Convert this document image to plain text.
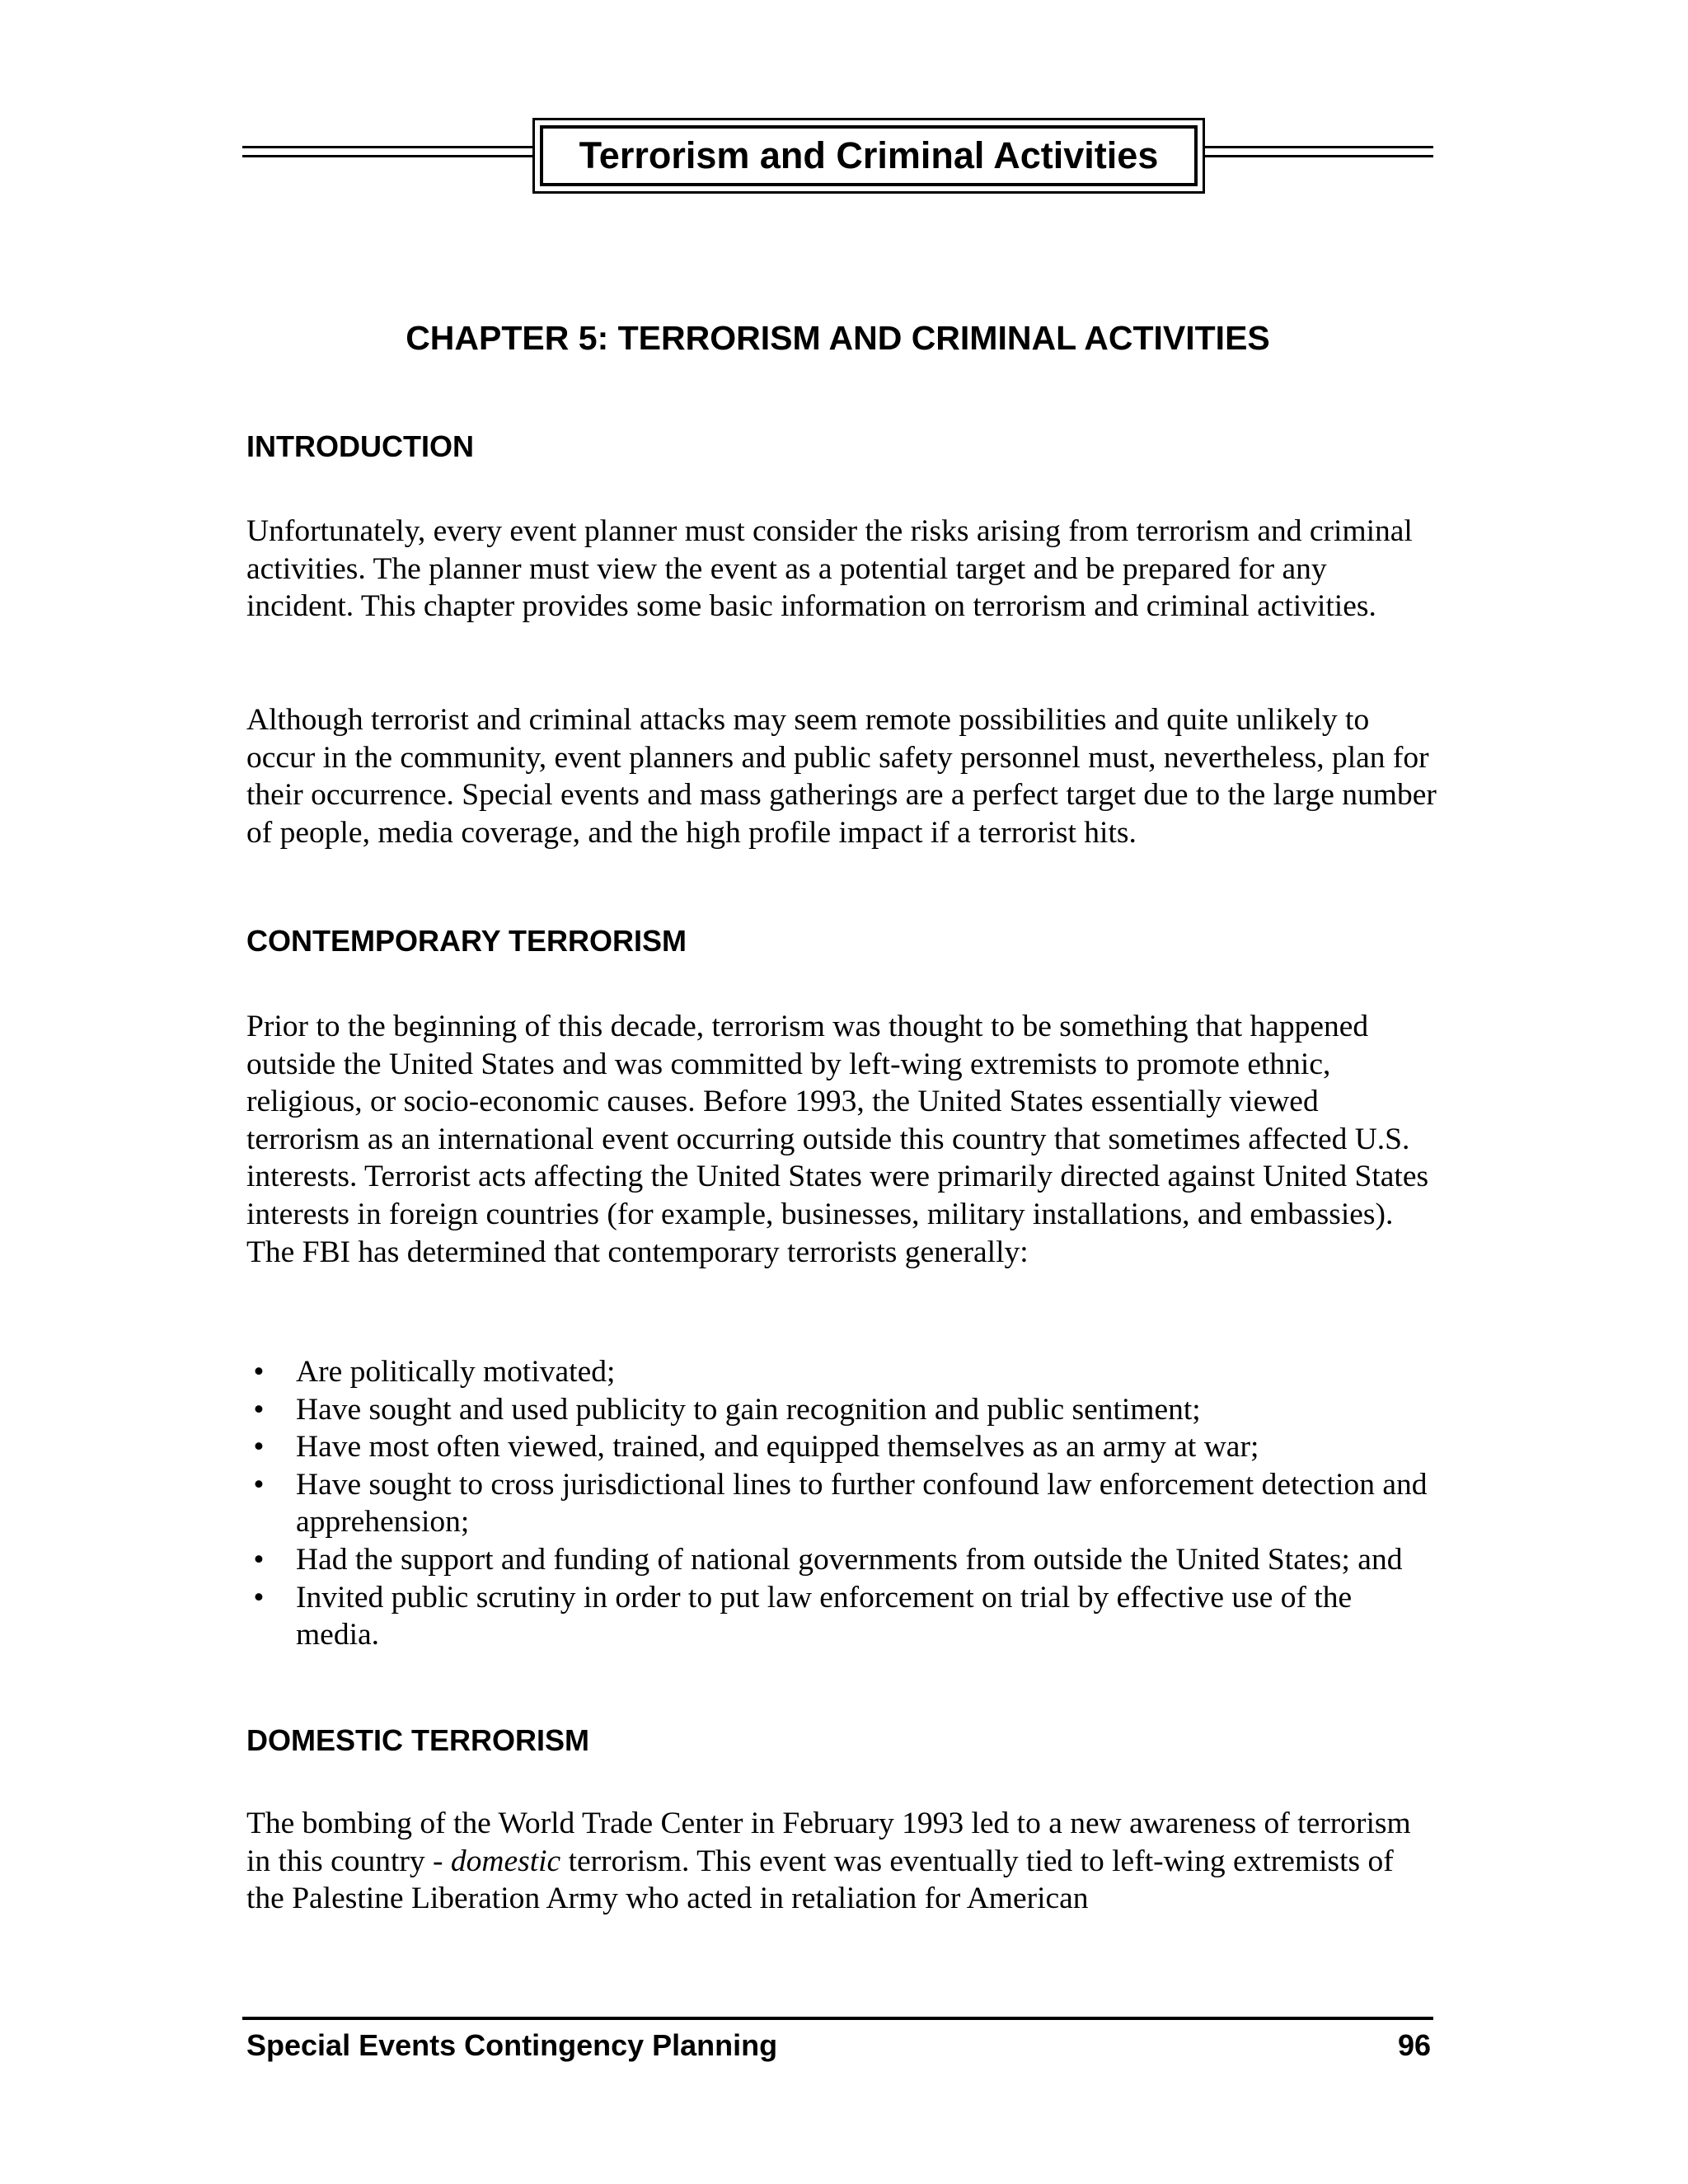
Terrorism and Criminal Activities
CHAPTER 5: TERRORISM AND CRIMINAL ACTIVITIES
INTRODUCTION

Unfortunately, every event planner must consider the risks arising from terrorism and criminal activities. The planner must view the event as a potential target and be prepared for any incident. This chapter provides some basic information on terrorism and criminal activities.

Although terrorist and criminal attacks may seem remote possibilities and quite unlikely to occur in the community, event planners and public safety personnel must, nevertheless, plan for their occurrence. Special events and mass gatherings are a perfect target due to the large number of people, media coverage, and the high profile impact if a terrorist hits.

CONTEMPORARY TERRORISM

Prior to the beginning of this decade, terrorism was thought to be something that happened outside the United States and was committed by left-wing extremists to promote ethnic, religious, or socio-economic causes. Before 1993, the United States essentially viewed terrorism as an international event occurring outside this country that sometimes affected U.S. interests. Terrorist acts affecting the United States were primarily directed against United States interests in foreign countries (for example, businesses, military installations, and embassies). The FBI has determined that contemporary terrorists generally:

• Are politically motivated;
• Have sought and used publicity to gain recognition and public sentiment;
• Have most often viewed, trained, and equipped themselves as an army at war;
• Have sought to cross jurisdictional lines to further confound law enforcement detection and apprehension;
• Had the support and funding of national governments from outside the United States; and
• Invited public scrutiny in order to put law enforcement on trial by effective use of the media.
DOMESTIC TERRORISM

The bombing of the World Trade Center in February 1993 led to a new awareness of terrorism in this country - domestic terrorism. This event was eventually tied to left-wing extremists of the Palestine Liberation Army who acted in retaliation for American

Special Events Contingency Planning	96
